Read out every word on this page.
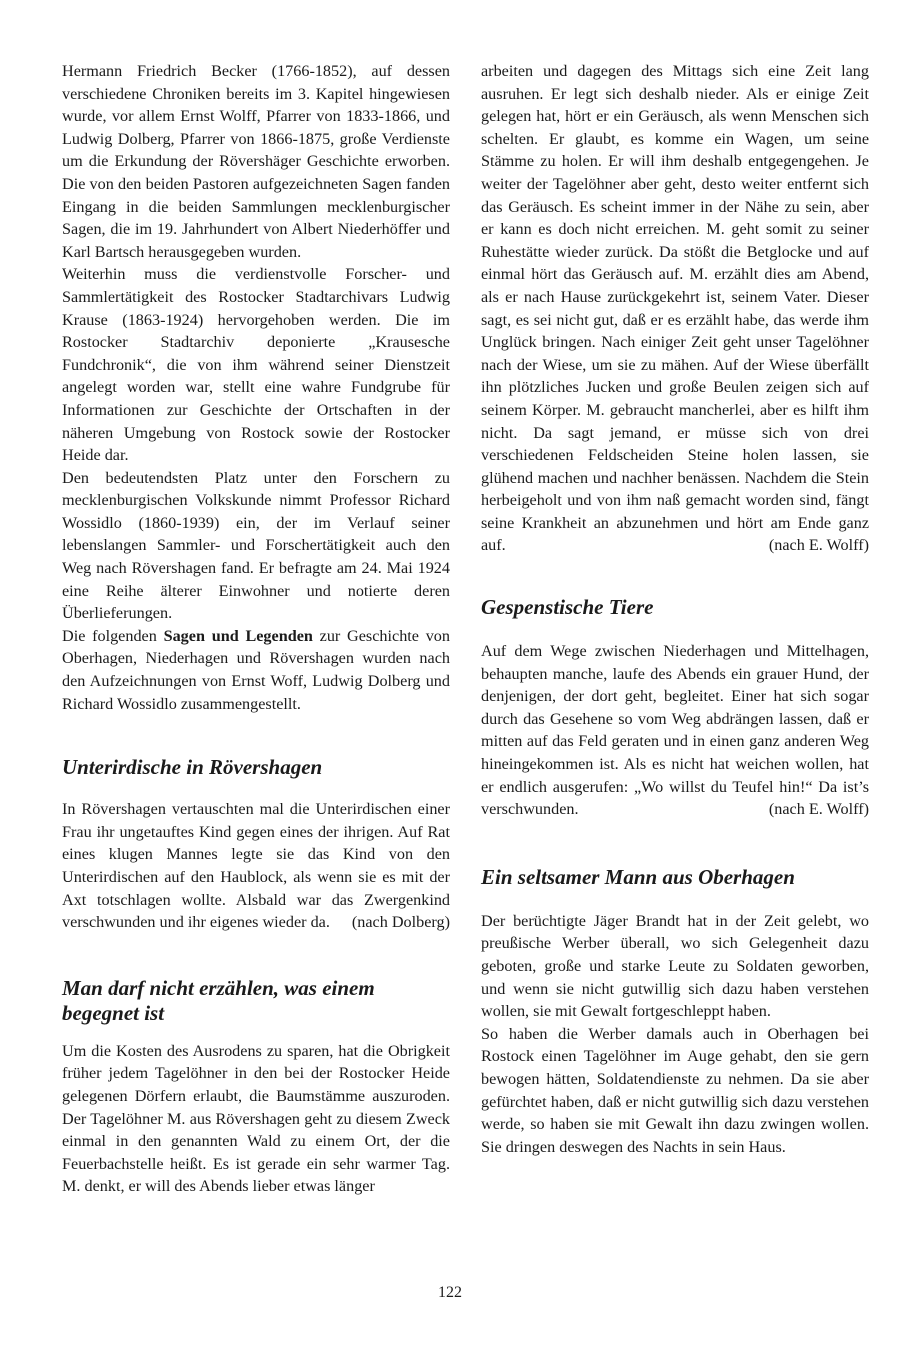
Hermann Friedrich Becker (1766-1852), auf dessen verschiedene Chroniken bereits im 3. Kapitel hingewiesen wurde, vor allem Ernst Wolff, Pfarrer von 1833-1866, und Ludwig Dolberg, Pfarrer von 1866-1875, große Verdienste um die Erkundung der Rövershäger Geschichte erworben. Die von den beiden Pastoren aufgezeichneten Sagen fanden Eingang in die beiden Sammlungen mecklenburgischer Sagen, die im 19. Jahrhundert von Albert Niederhöffer und Karl Bartsch herausgegeben wurden.

Weiterhin muss die verdienstvolle Forscher- und Sammlertätigkeit des Rostocker Stadtarchivars Ludwig Krause (1863-1924) hervorgehoben werden. Die im Rostocker Stadtarchiv deponierte „Krausesche Fundchronik“, die von ihm während seiner Dienstzeit angelegt worden war, stellt eine wahre Fundgrube für Informationen zur Geschichte der Ortschaften in der näheren Umgebung von Rostock sowie der Rostocker Heide dar.

Den bedeutendsten Platz unter den Forschern zu mecklenburgischen Volkskunde nimmt Professor Richard Wossidlo (1860-1939) ein, der im Verlauf seiner lebenslangen Sammler- und Forschertätigkeit auch den Weg nach Rövershagen fand. Er befragte am 24. Mai 1924 eine Reihe älterer Einwohner und notierte deren Überlieferungen.

Die folgenden Sagen und Legenden zur Geschichte von Oberhagen, Niederhagen und Rövershagen wurden nach den Aufzeichnungen von Ernst Woff, Ludwig Dolberg und Richard Wossidlo zusammengestellt.

Unterirdische in Rövershagen

In Rövershagen vertauschten mal die Unterirdischen einer Frau ihr ungetauftes Kind gegen eines der ihrigen. Auf Rat eines klugen Mannes legte sie das Kind von den Unterirdischen auf den Haublock, als wenn sie es mit der Axt totschlagen wollte. Alsbald war das Zwergenkind verschwunden und ihr eigenes wieder da. (nach Dolberg)

Man darf nicht erzählen, was einem
begegnet ist

Um die Kosten des Ausrodens zu sparen, hat die Obrigkeit früher jedem Tagelöhner in den bei der Rostocker Heide gelegenen Dörfern erlaubt, die Baumstämme auszuroden. Der Tagelöhner M. aus Rövershagen geht zu diesem Zweck einmal in den genannten Wald zu einem Ort, der die Feuerbachstelle heißt. Es ist gerade ein sehr warmer Tag. M. denkt, er will des Abends lieber etwas länger

arbeiten und dagegen des Mittags sich eine Zeit lang ausruhen. Er legt sich deshalb nieder. Als er einige Zeit gelegen hat, hört er ein Geräusch, als wenn Menschen sich schelten. Er glaubt, es komme ein Wagen, um seine Stämme zu holen. Er will ihm deshalb entgegengehen. Je weiter der Tagelöhner aber geht, desto weiter entfernt sich das Geräusch. Es scheint immer in der Nähe zu sein, aber er kann es doch nicht erreichen. M. geht somit zu seiner Ruhestätte wieder zurück. Da stößt die Betglocke und auf einmal hört das Geräusch auf. M. erzählt dies am Abend, als er nach Hause zurückgekehrt ist, seinem Vater. Dieser sagt, es sei nicht gut, daß er es erzählt habe, das werde ihm Unglück bringen. Nach einiger Zeit geht unser Tagelöhner nach der Wiese, um sie zu mähen. Auf der Wiese überfällt ihn plötzliches Jucken und große Beulen zeigen sich auf seinem Körper. M. gebraucht mancherlei, aber es hilft ihm nicht. Da sagt jemand, er müsse sich von drei verschiedenen Feldscheiden Steine holen lassen, sie glühend machen und nachher benässen. Nachdem die Stein herbeigeholt und von ihm naß gemacht worden sind, fängt seine Krankheit an abzunehmen und hört am Ende ganz auf.	(nach E. Wolff)

Gespenstische Tiere

Auf dem Wege zwischen Niederhagen und Mittelhagen, behaupten manche, laufe des Abends ein grauer Hund, der denjenigen, der dort geht, begleitet. Einer hat sich sogar durch das Gesehene so vom Weg abdrängen lassen, daß er mitten auf das Feld geraten und in einen ganz anderen Weg hineingekommen ist. Als es nicht hat weichen wollen, hat er endlich ausgerufen: „Wo willst du Teufel hin!“ Da ist’s verschwunden.	(nach E. Wolff)

Ein seltsamer Mann aus Oberhagen

Der berüchtigte Jäger Brandt hat in der Zeit gelebt, wo preußische Werber überall, wo sich Gelegenheit dazu geboten, große und starke Leute zu Soldaten geworben, und wenn sie nicht gutwillig sich dazu haben verstehen wollen, sie mit Gewalt fortgeschleppt haben.

So haben die Werber damals auch in Oberhagen bei Rostock einen Tagelöhner im Auge gehabt, den sie gern bewogen hätten, Soldatendienste zu nehmen. Da sie aber gefürchtet haben, daß er nicht gutwillig sich dazu verstehen werde, so haben sie mit Gewalt ihn dazu zwingen wollen. Sie dringen deswegen des Nachts in sein Haus.

122
